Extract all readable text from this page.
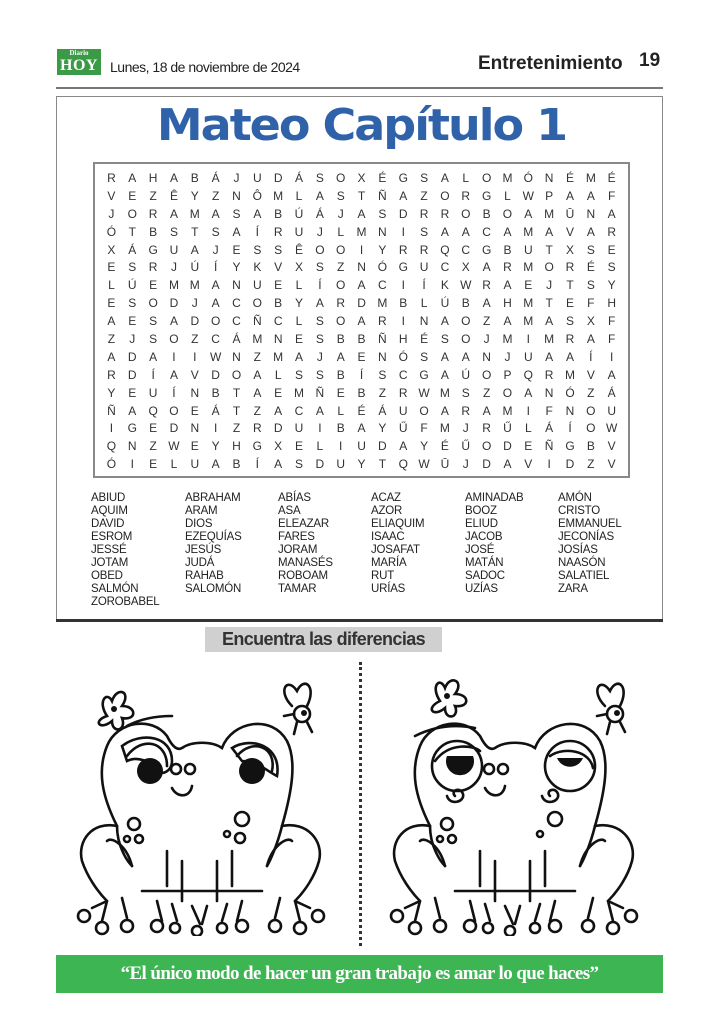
Diario
HOY Lunes, 18 de noviembre de 2024	Entretenimiento 19
Mateo Capítulo 1
R	A	H	A	B	Á	J	U	D	Á	S	O	X	É	G	S	A	L	O M Ó N	É M É
V	E	Z	Ê	Y	Z	N Ô M	L	A	S	T	Ñ	A	Z	O R G	L W P	A	A	F
J	O R	A M A	S	A	B	Ú	Á	J	A	S	D	R	R O	B	O	A M Ū	N	A
Ó	T	B	S	T	S	A	Í	R	U	J	L	M N	I	S	A	A	C	A M A	V	A	R
X	Á	G U	A	J	E	S	S	Ê	O O	I	Y	R	R Q C G	B	U	T	X	S	E
E	S	R	J	Ú	Í	Y	K	V	X	S	Z	N Ó G U	C	X	A	R M O R	É	S
L	Ú	E M M A	N	U	E	L	Í	O	A	C	I	Í	K W R	A	E	J	T	S	Y
E	S	O D	J	A	C O	B	Y	A	R	D M B	L	Ú	B	A	H M	T	E	F	H
A	E	S	A	D O C	Ñ	C	L	S	O	A	R	I	N	A	O	Z	A M A	S	X	F
Z	J	S	O	Z	C	Á M N	E	S	B	B	Ñ	H	É	S	O	J	M	I	M R	A	F
A	D	A	I	I	W N	Z	M A	J	A	E	N Ó	S	A	A	N	J	U	A	A	Í	I
R	D	Í	A	V	D O	A	L	S	S	B	Í	S	C G	A	Ú O	P	Q R M V	A
Y	E	U	Í	N	B	T	A	E M Ñ	E	B	Z	R W M S	Z	O	A	N Ó	Z	Á
Ñ	A	Q O	E	Á	T	Z	A	C	A	L	É	Á	U O	A	R	A M	I	F	N O U
I	G	E	D	N	I	Z	R	D	U	I	B	A	Y	Ű	F	M	J	R	Ű	L	Á	Í	O W
Q N	Z W E	Y	H G	X	E	L	I	U	D	A	Y	É	Ű O D	E	Ñ G	B	V
Ó	I	E	L	U	A	B	Í	A	S	D	U	Y	T	Q W Ū	J	D	A	V	I	D	Z	V
ABIUD	ABRAHAM	ABÍAS	ACAZ	AMINADAB	AMÓN
AQUIM	ARAM	ASA	AZOR	BOOZ	CRISTO
DAVID	DIOS	ELEAZAR	ELIAQUIM	ELIUD	EMMANUEL
ESROM	EZEQUÍAS	FARES	ISAAC	JACOB	JECONÍAS
JESSÉ	JESÚS	JORAM	JOSAFAT	JOSÉ	JOSÍAS
JOTAM	JUDÁ	MANASÉS	MARÍA	MATÁN	NAASÓN
OBED	RAHAB	ROBOAM	RUT	SADOC	SALATIEL
SALMÓN	SALOMÓN	TAMAR	URÍAS	UZÍAS	ZARA
ZOROBABEL
Encuentra las diferencias
“El único modo de hacer un gran trabajo es amar lo que haces”
